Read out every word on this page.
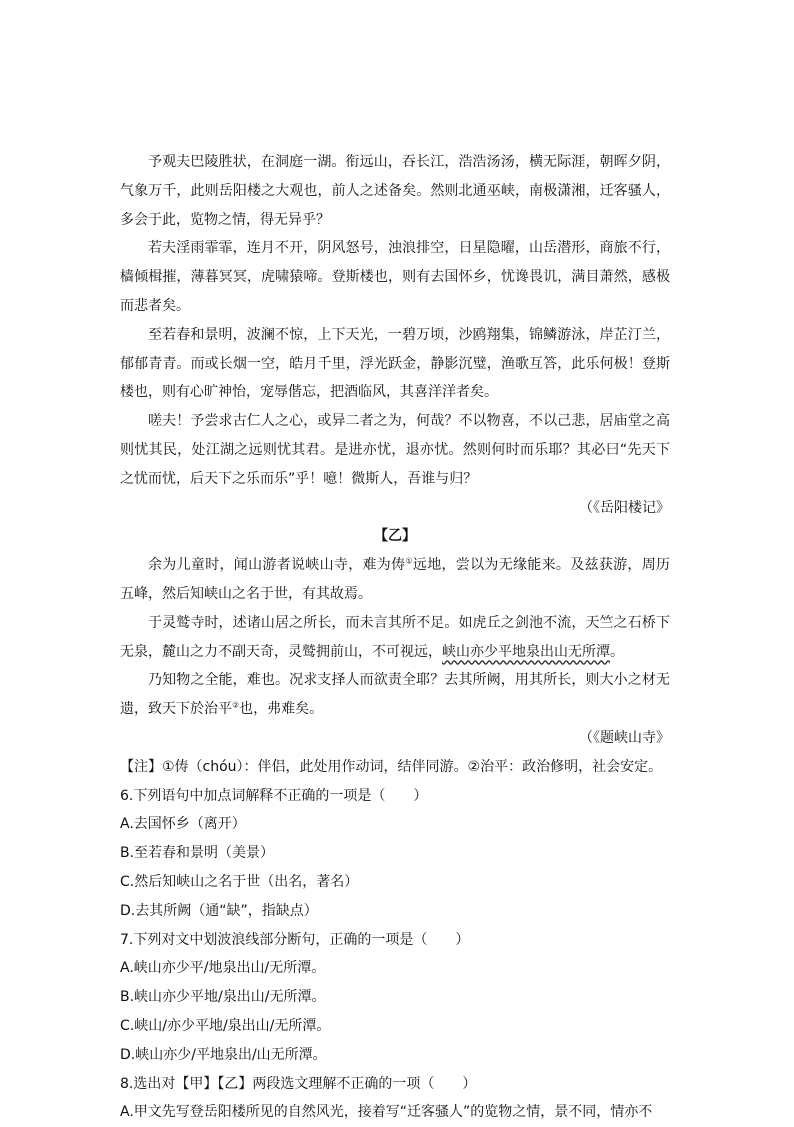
予观夫巴陵胜状，在洞庭一湖。衔远山，吞长江，浩浩汤汤，横无际涯，朝晖夕阴，气象万千，此则岳阳楼之大观也，前人之述备矣。然则北通巫峡，南极潇湘，迁客骚人，多会于此，览物之情，得无异乎？

若夫淫雨霏霏，连月不开，阴风怒号，浊浪排空，日星隐曜，山岳潜形，商旅不行，樯倾楫摧，薄暮冥冥，虎啸猿啼。登斯楼也，则有去国怀乡，忧谗畏讥，满目萧然，感极而悲者矣。

至若春和景明，波澜不惊，上下天光，一碧万顷，沙鸥翔集，锦鳞游泳，岸芷汀兰，郁郁青青。而或长烟一空，皓月千里，浮光跃金，静影沉璧，渔歌互答，此乐何极！登斯楼也，则有心旷神怡，宠辱偕忘，把酒临风，其喜洋洋者矣。

嗟夫！予尝求古仁人之心，或异二者之为，何哉？不以物喜，不以己悲，居庙堂之高则忧其民，处江湖之远则忧其君。是进亦忧，退亦忧。然则何时而乐耶？其必曰“先天下之忧而忧，后天下之乐而乐”乎！噫！微斯人，吾谁与归？

（《岳阳楼记》

【乙】

余为儿童时，闻山游者说峡山寺，难为俦①远地，尝以为无缘能来。及兹获游，周历五峰，然后知峡山之名于世，有其故焉。

于灵鹫寺时，述诸山居之所长，而未言其所不足。如虎丘之剑池不流，天竺之石桥下无泉，麓山之力不副天奇，灵鹫拥前山，不可视远，峡山亦少平地泉出山无所潭。

乃知物之全能，难也。况求支择人而欲责全耶？去其所阙，用其所长，则大小之材无遗，致天下於治平②也，弗难矣。

（《题峡山寺》

【注】①俦（chóu）：伴侣，此处用作动词，结伴同游。②治平：政治修明，社会安定。

6.下列语句中加点词解释不正确的一项是（　　）

A.去国怀乡（离开）

B.至若春和景明（美景）

C.然后知峡山之名于世（出名，著名）

D.去其所阙（通“缺”，指缺点）

7.下列对文中划波浪线部分断句，正确的一项是（　　）

A.峡山亦少平/地泉出山/无所潭。

B.峡山亦少平地/泉出山/无所潭。

C.峡山/亦少平地/泉出山/无所潭。

D.峡山亦少/平地泉出/山无所潭。

8.选出对【甲】【乙】两段选文理解不正确的一项（　　）

A.甲文先写登岳阳楼所见的自然风光，接着写“迁客骚人”的览物之情，景不同，情亦不
